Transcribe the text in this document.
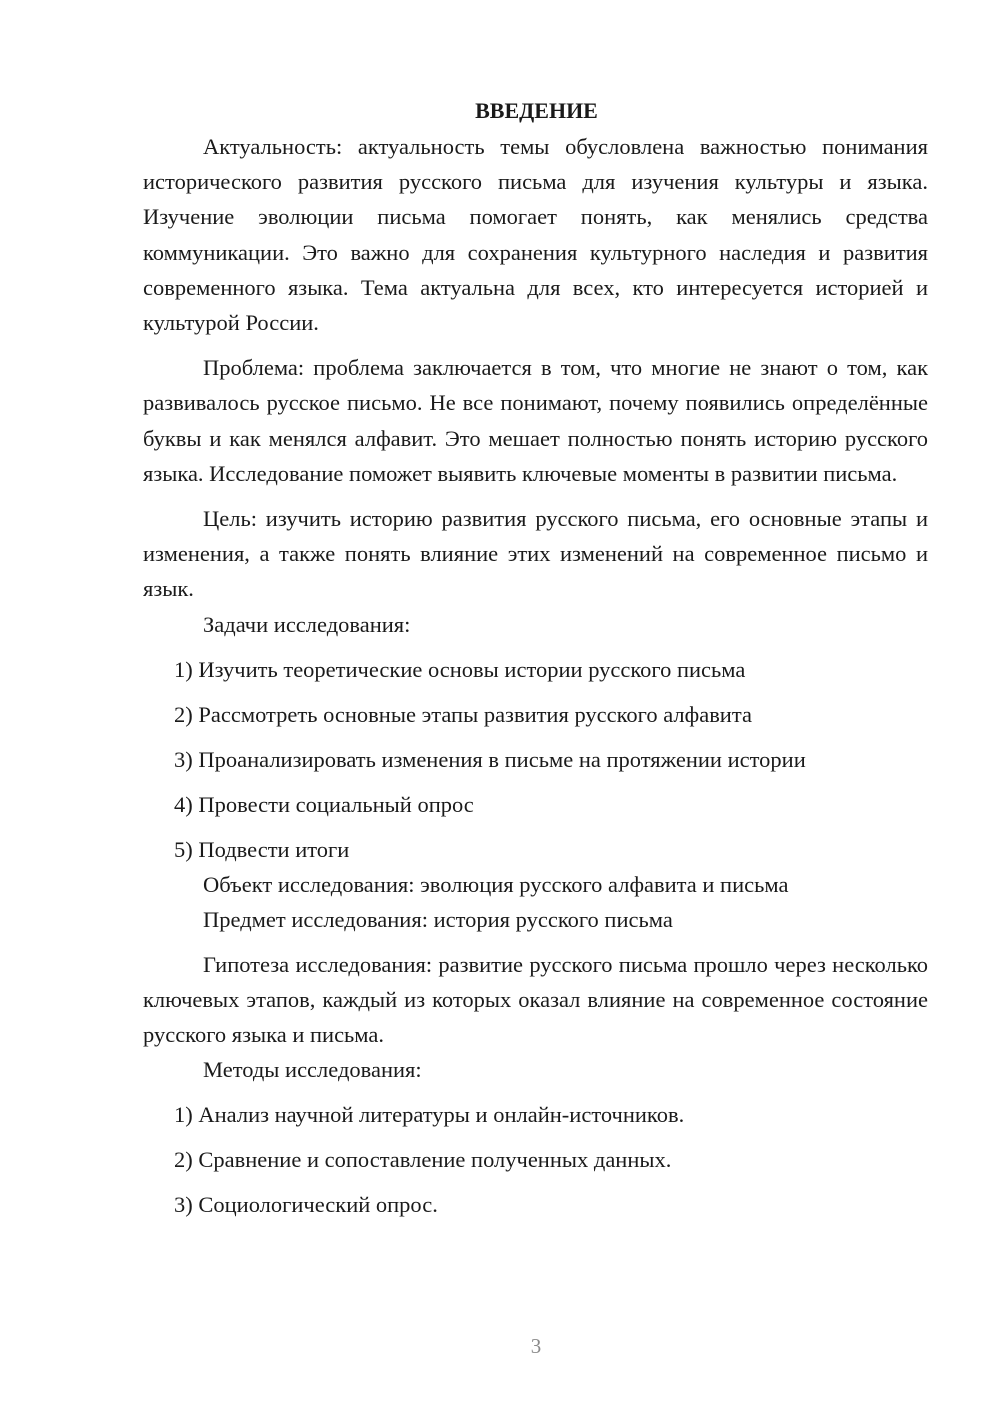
ВВЕДЕНИЕ

Актуальность: актуальность темы обусловлена важностью понимания исторического развития русского письма для изучения культуры и языка. Изучение эволюции письма помогает понять, как менялись средства коммуникации. Это важно для сохранения культурного наследия и развития современного языка. Тема актуальна для всех, кто интересуется историей и культурой России.

Проблема: проблема заключается в том, что многие не знают о том, как развивалось русское письмо. Не все понимают, почему появились определённые буквы и как менялся алфавит. Это мешает полностью понять историю русского языка. Исследование поможет выявить ключевые моменты в развитии письма.

Цель: изучить историю развития русского письма, его основные этапы и изменения, а также понять влияние этих изменений на современное письмо и язык.

Задачи исследования:

1) Изучить теоретические основы истории русского письма

2) Рассмотреть основные этапы развития русского алфавита

3) Проанализировать изменения в письме на протяжении истории

4) Провести социальный опрос

5) Подвести итоги

Объект исследования: эволюция русского алфавита и письма

Предмет исследования: история русского письма

Гипотеза исследования: развитие русского письма прошло через несколько ключевых этапов, каждый из которых оказал влияние на современное состояние русского языка и письма.

Методы исследования:

1) Анализ научной литературы и онлайн-источников.

2) Сравнение и сопоставление полученных данных.

3) Социологический опрос.

3
